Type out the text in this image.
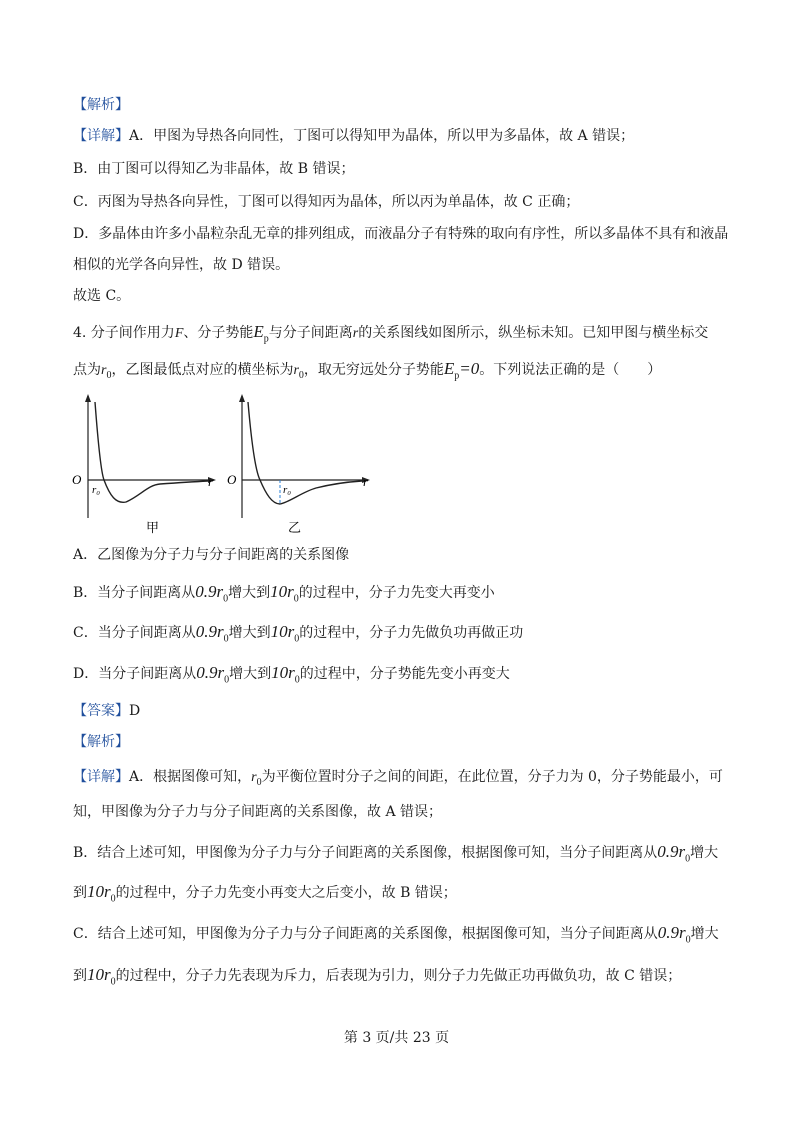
【解析】
【详解】A．甲图为导热各向同性，丁图可以得知甲为晶体，所以甲为多晶体，故 A 错误；
B．由丁图可以得知乙为非晶体，故 B 错误；
C．丙图为导热各向异性，丁图可以得知丙为晶体，所以丙为单晶体，故 C 正确；
D．多晶体由许多小晶粒杂乱无章的排列组成，而液晶分子有特殊的取向有序性，所以多晶体不具有和液晶
相似的光学各向异性，故 D 错误。
故选 C。
4. 分子间作用力F、分子势能$E_p$与分子间距离r的关系图线如图所示，纵坐标未知。已知甲图与横坐标交
点为$r_0$，乙图最低点对应的横坐标为$r_0$，取无穷远处分子势能$E_p=0$。下列说法正确的是（　　）
O
r₀
r
甲
O
r₀
r
乙
A．乙图像为分子力与分子间距离的关系图像
B．当分子间距离从$0.9r_0$增大到$10r_0$的过程中，分子力先变大再变小
C．当分子间距离从$0.9r_0$增大到$10r_0$的过程中，分子力先做负功再做正功
D．当分子间距离从$0.9r_0$增大到$10r_0$的过程中，分子势能先变小再变大
【答案】D
【解析】
【详解】A．根据图像可知，$r_0$为平衡位置时分子之间的间距，在此位置，分子力为 0，分子势能最小，可
知，甲图像为分子力与分子间距离的关系图像，故 A 错误；
B．结合上述可知，甲图像为分子力与分子间距离的关系图像，根据图像可知，当分子间距离从$0.9r_0$增大
到$10r_0$的过程中，分子力先变小再变大之后变小，故 B 错误；
C．结合上述可知，甲图像为分子力与分子间距离的关系图像，根据图像可知，当分子间距离从$0.9r_0$增大
到$10r_0$的过程中，分子力先表现为斥力，后表现为引力，则分子力先做正功再做负功，故 C 错误；
第 3 页/共 23 页
